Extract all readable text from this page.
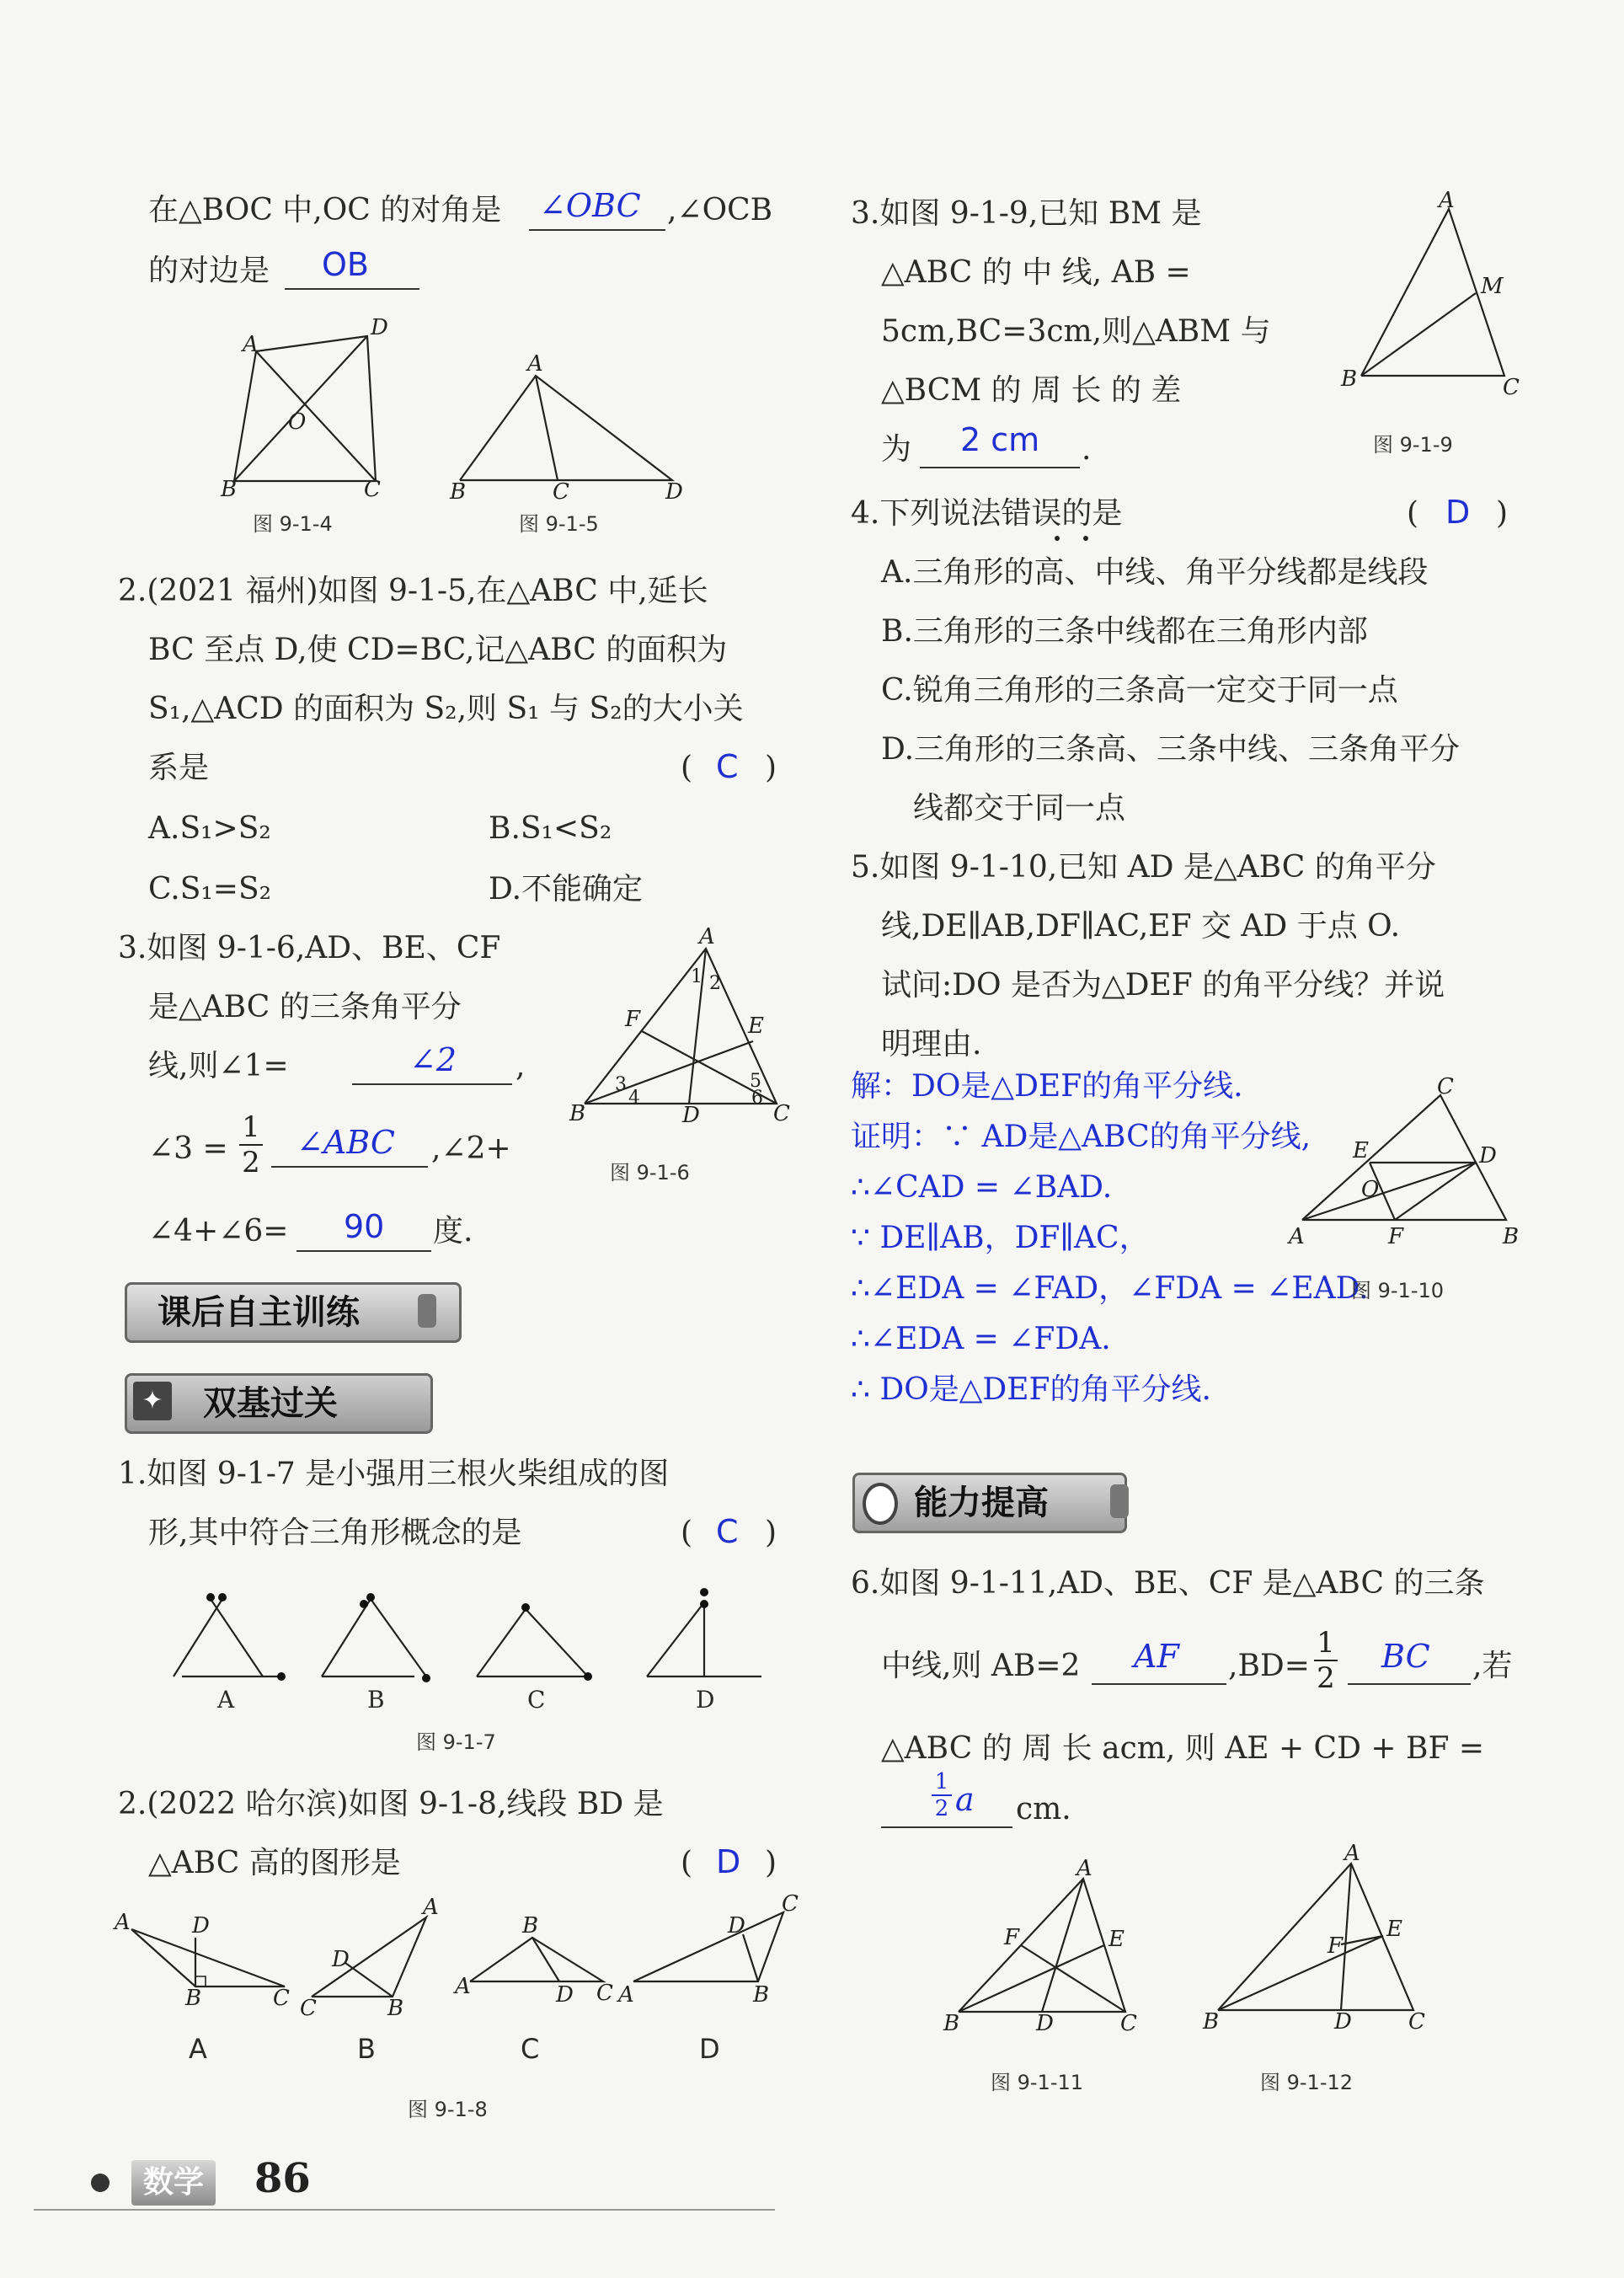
在△BOC 中,OC 的对角是 ∠OBC ,∠OCB
的对边是 OB
A
D
O
B	C
图 9-1-4
A
B	C	D
图 9-1-5
2.(2021 福州)如图 9-1-5,在△ABC 中,延长
BC 至点 D,使 CD=BC,记△ABC 的面积为
S₁,△ACD 的面积为 S₂,则 S₁ 与 S₂的大小关
系是	( C )
A.S₁>S₂	B.S₁<S₂
C.S₁=S₂	D.不能确定
3.如图 9-1-6,AD、BE、CF
是△ABC 的三条角平分
线,则∠1=	∠2 ,
∠3 =
1
2
∠ABC ,∠2+
∠4+∠6= 90 度.
A
B	C
D
E
F
1 2
3
4
5
6
图 9-1-6
课后自主训练
双基过关
✦
1.如图 9-1-7 是小强用三根火柴组成的图
形,其中符合三角形概念的是	( C )
A	B	C	D
图 9-1-7
2.(2022 哈尔滨)如图 9-1-8,线段 BD 是
△ABC 高的图形是	( D )
A	D
B	C
A
D
C	B
A
B
D C A
C
D
B
A	B	C	D
图 9-1-8
数学 86
3.如图 9-1-9,已知 BM 是
△ABC 的 中 线, AB =
5cm,BC=3cm,则△ABM 与
△BCM 的 周 长 的 差
为 2 cm .
A
M
B	C
图 9-1-9
4.下列说法错误的是	( D )
A.三角形的高、中线、角平分线都是线段
B.三角形的三条中线都在三角形内部
C.锐角三角形的三条高一定交于同一点
D.三角形的三条高、三条中线、三条角平分
线都交于同一点
5.如图 9-1-10,已知 AD 是△ABC 的角平分
线,DE∥AB,DF∥AC,EF 交 AD 于点 O.
试问:DO 是否为△DEF 的角平分线？并说
明理由.
解：DO是△DEF的角平分线.
证明：∵ AD是△ABC的角平分线,
∴∠CAD = ∠BAD.
∵ DE∥AB，DF∥AC，
∴∠EDA = ∠FAD，∠FDA = ∠EAD.
∴∠EDA = ∠FDA.
∴ DO是△DEF的角平分线.
C
D
E
O
A	F	B
图 9-1-10
能力提高
6.如图 9-1-11,AD、BE、CF 是△ABC 的三条
中线,则 AB=2 AF ,BD=
1
2
BC ,若
△ABC 的 周 长 acm, 则 AE + CD + BF =
1
2 a cm.
A
F	E
B	D	C
图 9-1-11
A
F
E
B	D	C
图 9-1-12
